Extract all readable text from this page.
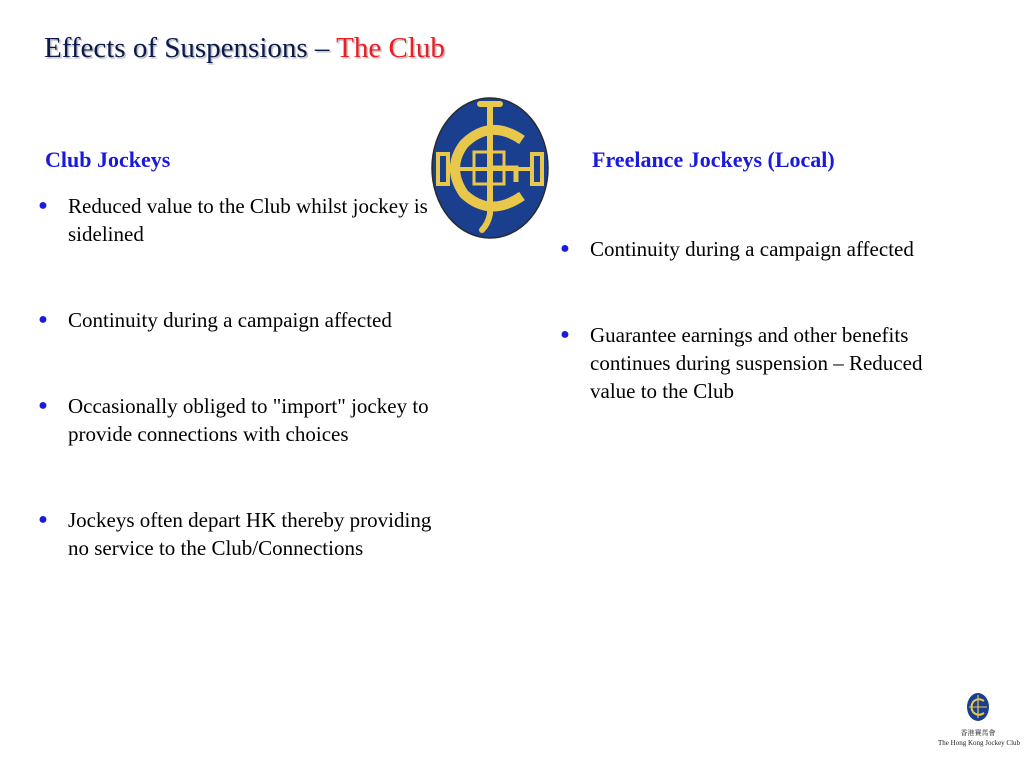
Effects of Suspensions – The Club
Club Jockeys	Freelance Jockeys (Local)
● Reduced value to the Club whilst jockey is sidelined
● Continuity during a campaign affected
● Occasionally obliged to "import" jockey to provide connections with choices
● Jockeys often depart HK thereby providing no service to the Club/Connections
● Continuity during a campaign affected
● Guarantee earnings and other benefits continues during suspension – Reduced value to the Club
香港賽馬會
The Hong Kong Jockey Club
